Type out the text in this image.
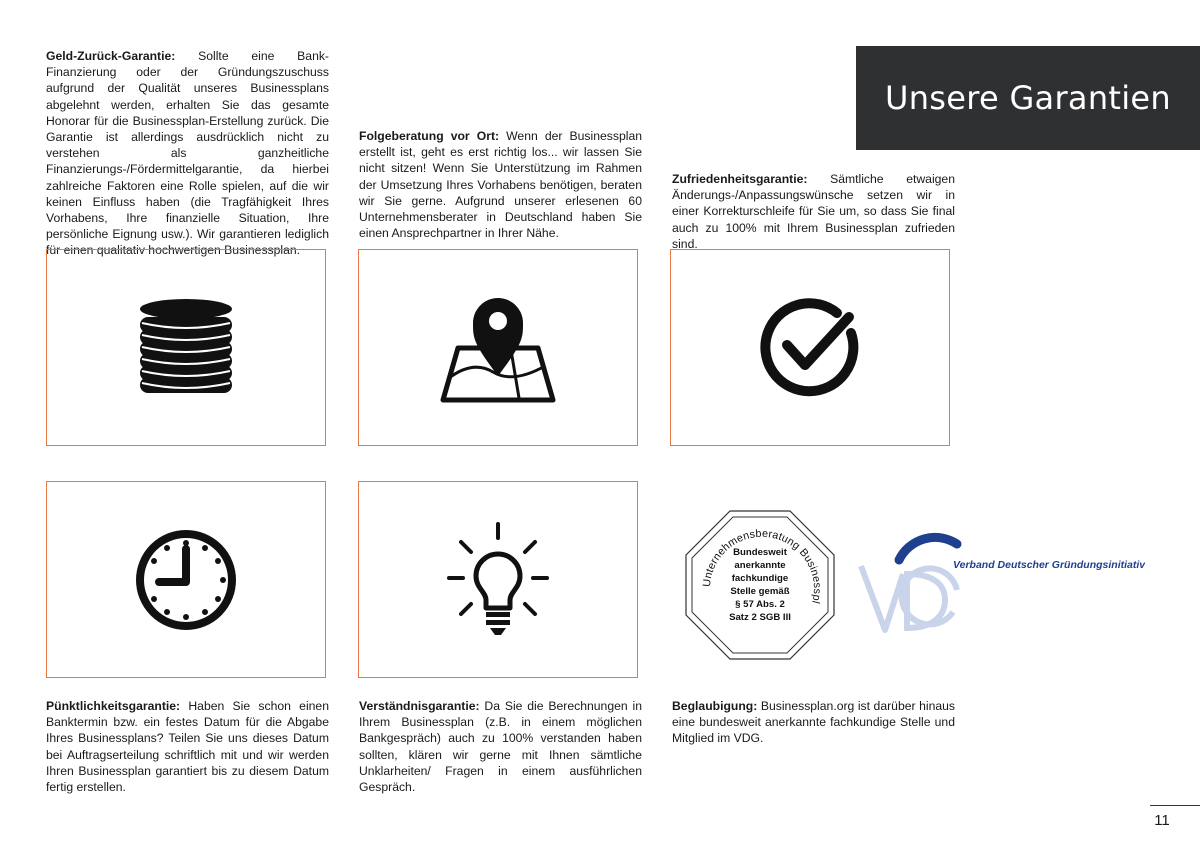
Unsere Garantien
Geld-Zurück-Garantie: Sollte eine Bank-Finanzierung oder der Gründungszuschuss aufgrund der Qualität unseres Businessplans abgelehnt werden, erhalten Sie das gesamte Honorar für die Businessplan-Erstellung zurück. Die Garantie ist allerdings ausdrücklich nicht zu verstehen als ganzheitliche Finanzierungs-/Fördermittelgarantie, da hierbei zahlreiche Faktoren eine Rolle spielen, auf die wir keinen Einfluss haben (die Tragfähigkeit Ihres Vorhabens, Ihre finanzielle Situation, Ihre persönliche Eignung usw.). Wir garantieren lediglich für einen qualitativ hochwertigen Businessplan.
Folgeberatung vor Ort: Wenn der Businessplan erstellt ist, geht es erst richtig los... wir lassen Sie nicht sitzen! Wenn Sie Unterstützung im Rahmen der Umsetzung Ihres Vorhabens benötigen, beraten wir Sie gerne. Aufgrund unserer erlesenen 60 Unternehmensberater in Deutschland haben Sie einen Ansprechpartner in Ihrer Nähe.
Zufriedenheitsgarantie: Sämtliche etwaigen Änderungs-/Anpassungswünsche setzen wir in einer Korrekturschleife für Sie um, so dass Sie final auch zu 100% mit Ihrem Businessplan zufrieden sind.
Pünktlichkeitsgarantie: Haben Sie schon einen Banktermin bzw. ein festes Datum für die Abgabe Ihres Businessplans? Teilen Sie uns dieses Datum bei Auftragserteilung schriftlich mit und wir werden Ihren Businessplan garantiert bis zu diesem Datum fertig erstellen.
Verständnisgarantie: Da Sie die Berechnungen in Ihrem Businessplan (z.B. in einem möglichen Bankgespräch) auch zu 100% verstanden haben sollten, klären wir gerne mit Ihnen sämtliche Unklarheiten/ Fragen in einem ausführlichen Gespräch.
Beglaubigung: Businessplan.org ist darüber hinaus eine bundesweit anerkannte fachkundige Stelle und Mitglied im VDG.
Unternehmensberatung Businesspl
Bundesweit
anerkannte
fachkundige
Stelle gemäß
§ 57 Abs. 2
Satz 2 SGB III
Verband Deutscher Gründungsinitiativen
11
